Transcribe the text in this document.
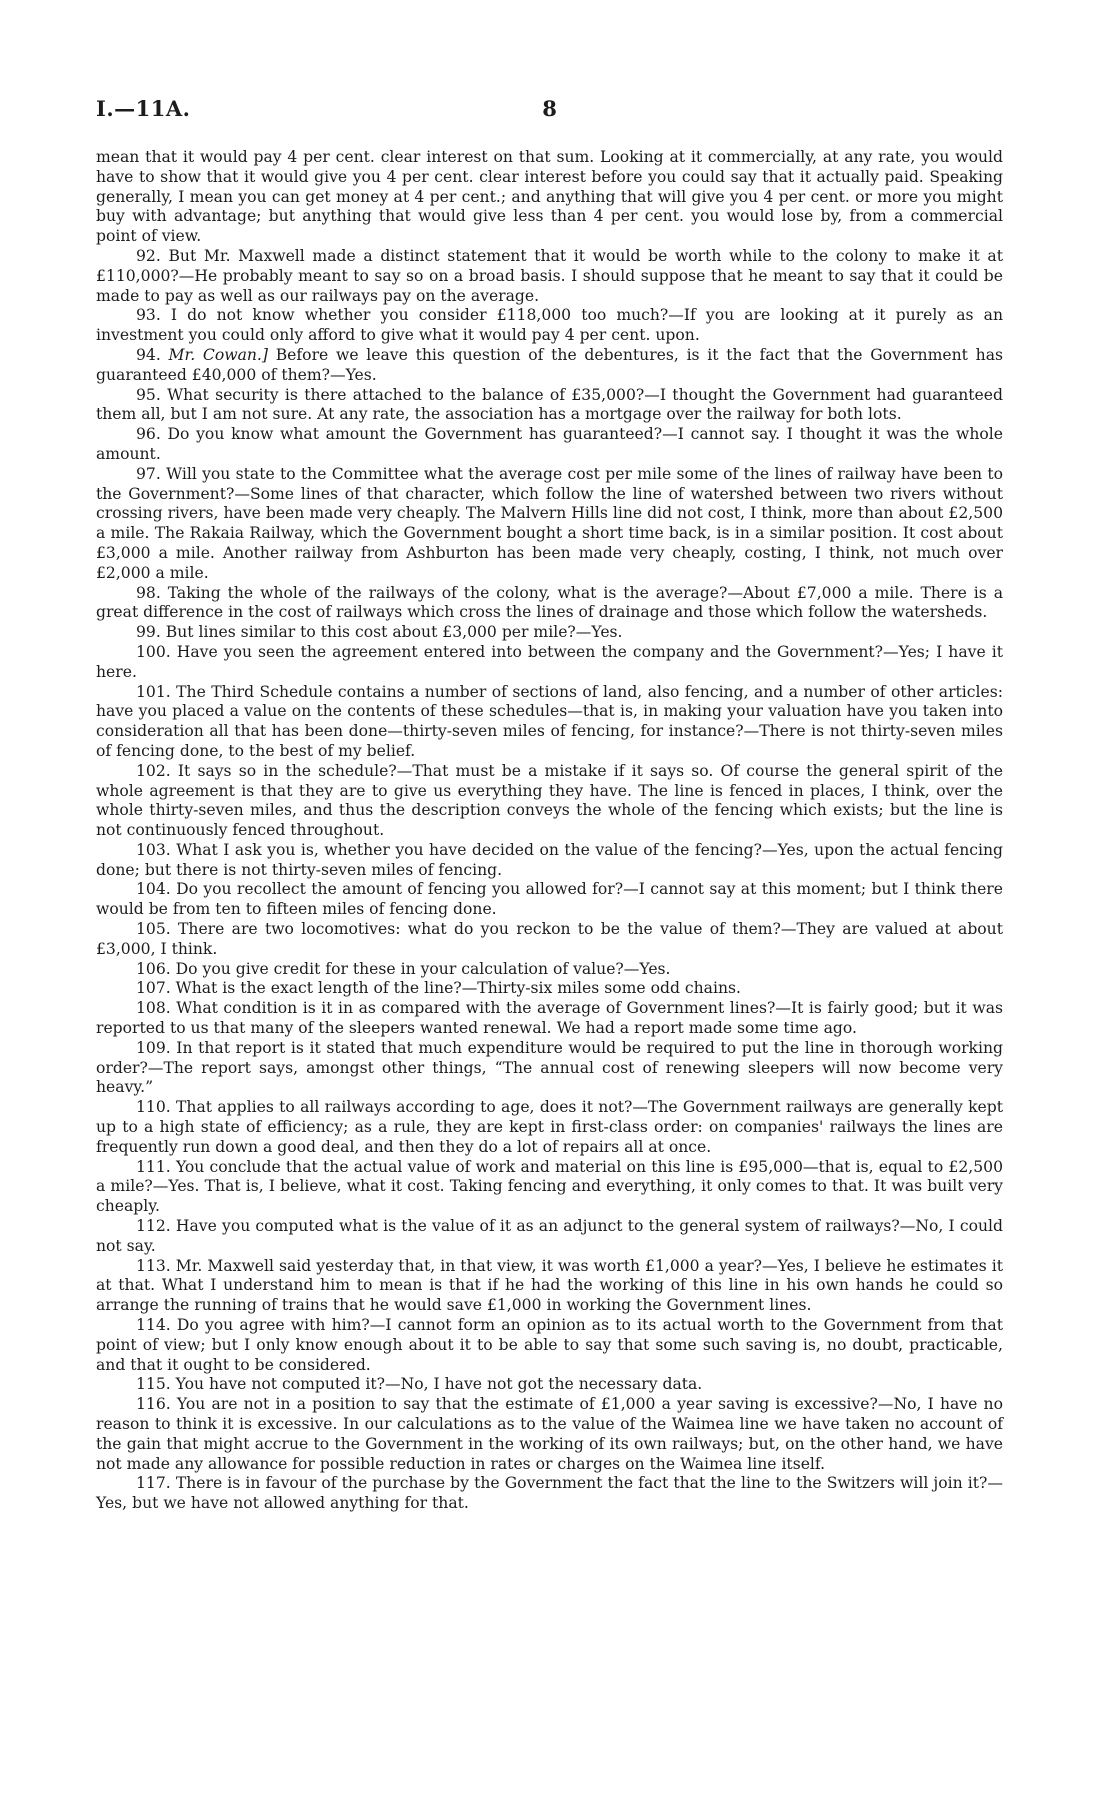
I.—11A.	8

mean that it would pay 4 per cent. clear interest on that sum. Looking at it commercially, at any rate, you would have to show that it would give you 4 per cent. clear interest before you could say that it actually paid. Speaking generally, I mean you can get money at 4 per cent.; and anything that will give you 4 per cent. or more you might buy with advantage; but anything that would give less than 4 per cent. you would lose by, from a commercial point of view.

92. But Mr. Maxwell made a distinct statement that it would be worth while to the colony to make it at £110,000?—He probably meant to say so on a broad basis. I should suppose that he meant to say that it could be made to pay as well as our railways pay on the average.

93. I do not know whether you consider £118,000 too much?—If you are looking at it purely as an investment you could only afford to give what it would pay 4 per cent. upon.

94. Mr. Cowan.] Before we leave this question of the debentures, is it the fact that the Government has guaranteed £40,000 of them?—Yes.

95. What security is there attached to the balance of £35,000?—I thought the Government had guaranteed them all, but I am not sure. At any rate, the association has a mortgage over the railway for both lots.

96. Do you know what amount the Government has guaranteed?—I cannot say. I thought it was the whole amount.

97. Will you state to the Committee what the average cost per mile some of the lines of railway have been to the Government?—Some lines of that character, which follow the line of watershed between two rivers without crossing rivers, have been made very cheaply. The Malvern Hills line did not cost, I think, more than about £2,500 a mile. The Rakaia Railway, which the Government bought a short time back, is in a similar position. It cost about £3,000 a mile. Another railway from Ashburton has been made very cheaply, costing, I think, not much over £2,000 a mile.

98. Taking the whole of the railways of the colony, what is the average?—About £7,000 a mile. There is a great difference in the cost of railways which cross the lines of drainage and those which follow the watersheds.

99. But lines similar to this cost about £3,000 per mile?—Yes.

100. Have you seen the agreement entered into between the company and the Government?—Yes; I have it here.

101. The Third Schedule contains a number of sections of land, also fencing, and a number of other articles: have you placed a value on the contents of these schedules—that is, in making your valuation have you taken into consideration all that has been done—thirty-seven miles of fencing, for instance?—There is not thirty-seven miles of fencing done, to the best of my belief.

102. It says so in the schedule?—That must be a mistake if it says so. Of course the general spirit of the whole agreement is that they are to give us everything they have. The line is fenced in places, I think, over the whole thirty-seven miles, and thus the description conveys the whole of the fencing which exists; but the line is not continuously fenced throughout.

103. What I ask you is, whether you have decided on the value of the fencing?—Yes, upon the actual fencing done; but there is not thirty-seven miles of fencing.

104. Do you recollect the amount of fencing you allowed for?—I cannot say at this moment; but I think there would be from ten to fifteen miles of fencing done.

105. There are two locomotives: what do you reckon to be the value of them?—They are valued at about £3,000, I think.

106. Do you give credit for these in your calculation of value?—Yes.

107. What is the exact length of the line?—Thirty-six miles some odd chains.

108. What condition is it in as compared with the average of Government lines?—It is fairly good; but it was reported to us that many of the sleepers wanted renewal. We had a report made some time ago.

109. In that report is it stated that much expenditure would be required to put the line in thorough working order?—The report says, amongst other things, “The annual cost of renewing sleepers will now become very heavy.”

110. That applies to all railways according to age, does it not?—The Government railways are generally kept up to a high state of efficiency; as a rule, they are kept in first-class order: on companies' railways the lines are frequently run down a good deal, and then they do a lot of repairs all at once.

111. You conclude that the actual value of work and material on this line is £95,000—that is, equal to £2,500 a mile?—Yes. That is, I believe, what it cost. Taking fencing and everything, it only comes to that. It was built very cheaply.

112. Have you computed what is the value of it as an adjunct to the general system of railways?—No, I could not say.

113. Mr. Maxwell said yesterday that, in that view, it was worth £1,000 a year?—Yes, I believe he estimates it at that. What I understand him to mean is that if he had the working of this line in his own hands he could so arrange the running of trains that he would save £1,000 in working the Government lines.

114. Do you agree with him?—I cannot form an opinion as to its actual worth to the Government from that point of view; but I only know enough about it to be able to say that some such saving is, no doubt, practicable, and that it ought to be considered.

115. You have not computed it?—No, I have not got the necessary data.

116. You are not in a position to say that the estimate of £1,000 a year saving is excessive?—No, I have no reason to think it is excessive. In our calculations as to the value of the Waimea line we have taken no account of the gain that might accrue to the Government in the working of its own railways; but, on the other hand, we have not made any allowance for possible reduction in rates or charges on the Waimea line itself.

117. There is in favour of the purchase by the Government the fact that the line to the Switzers will join it?—Yes, but we have not allowed anything for that.
